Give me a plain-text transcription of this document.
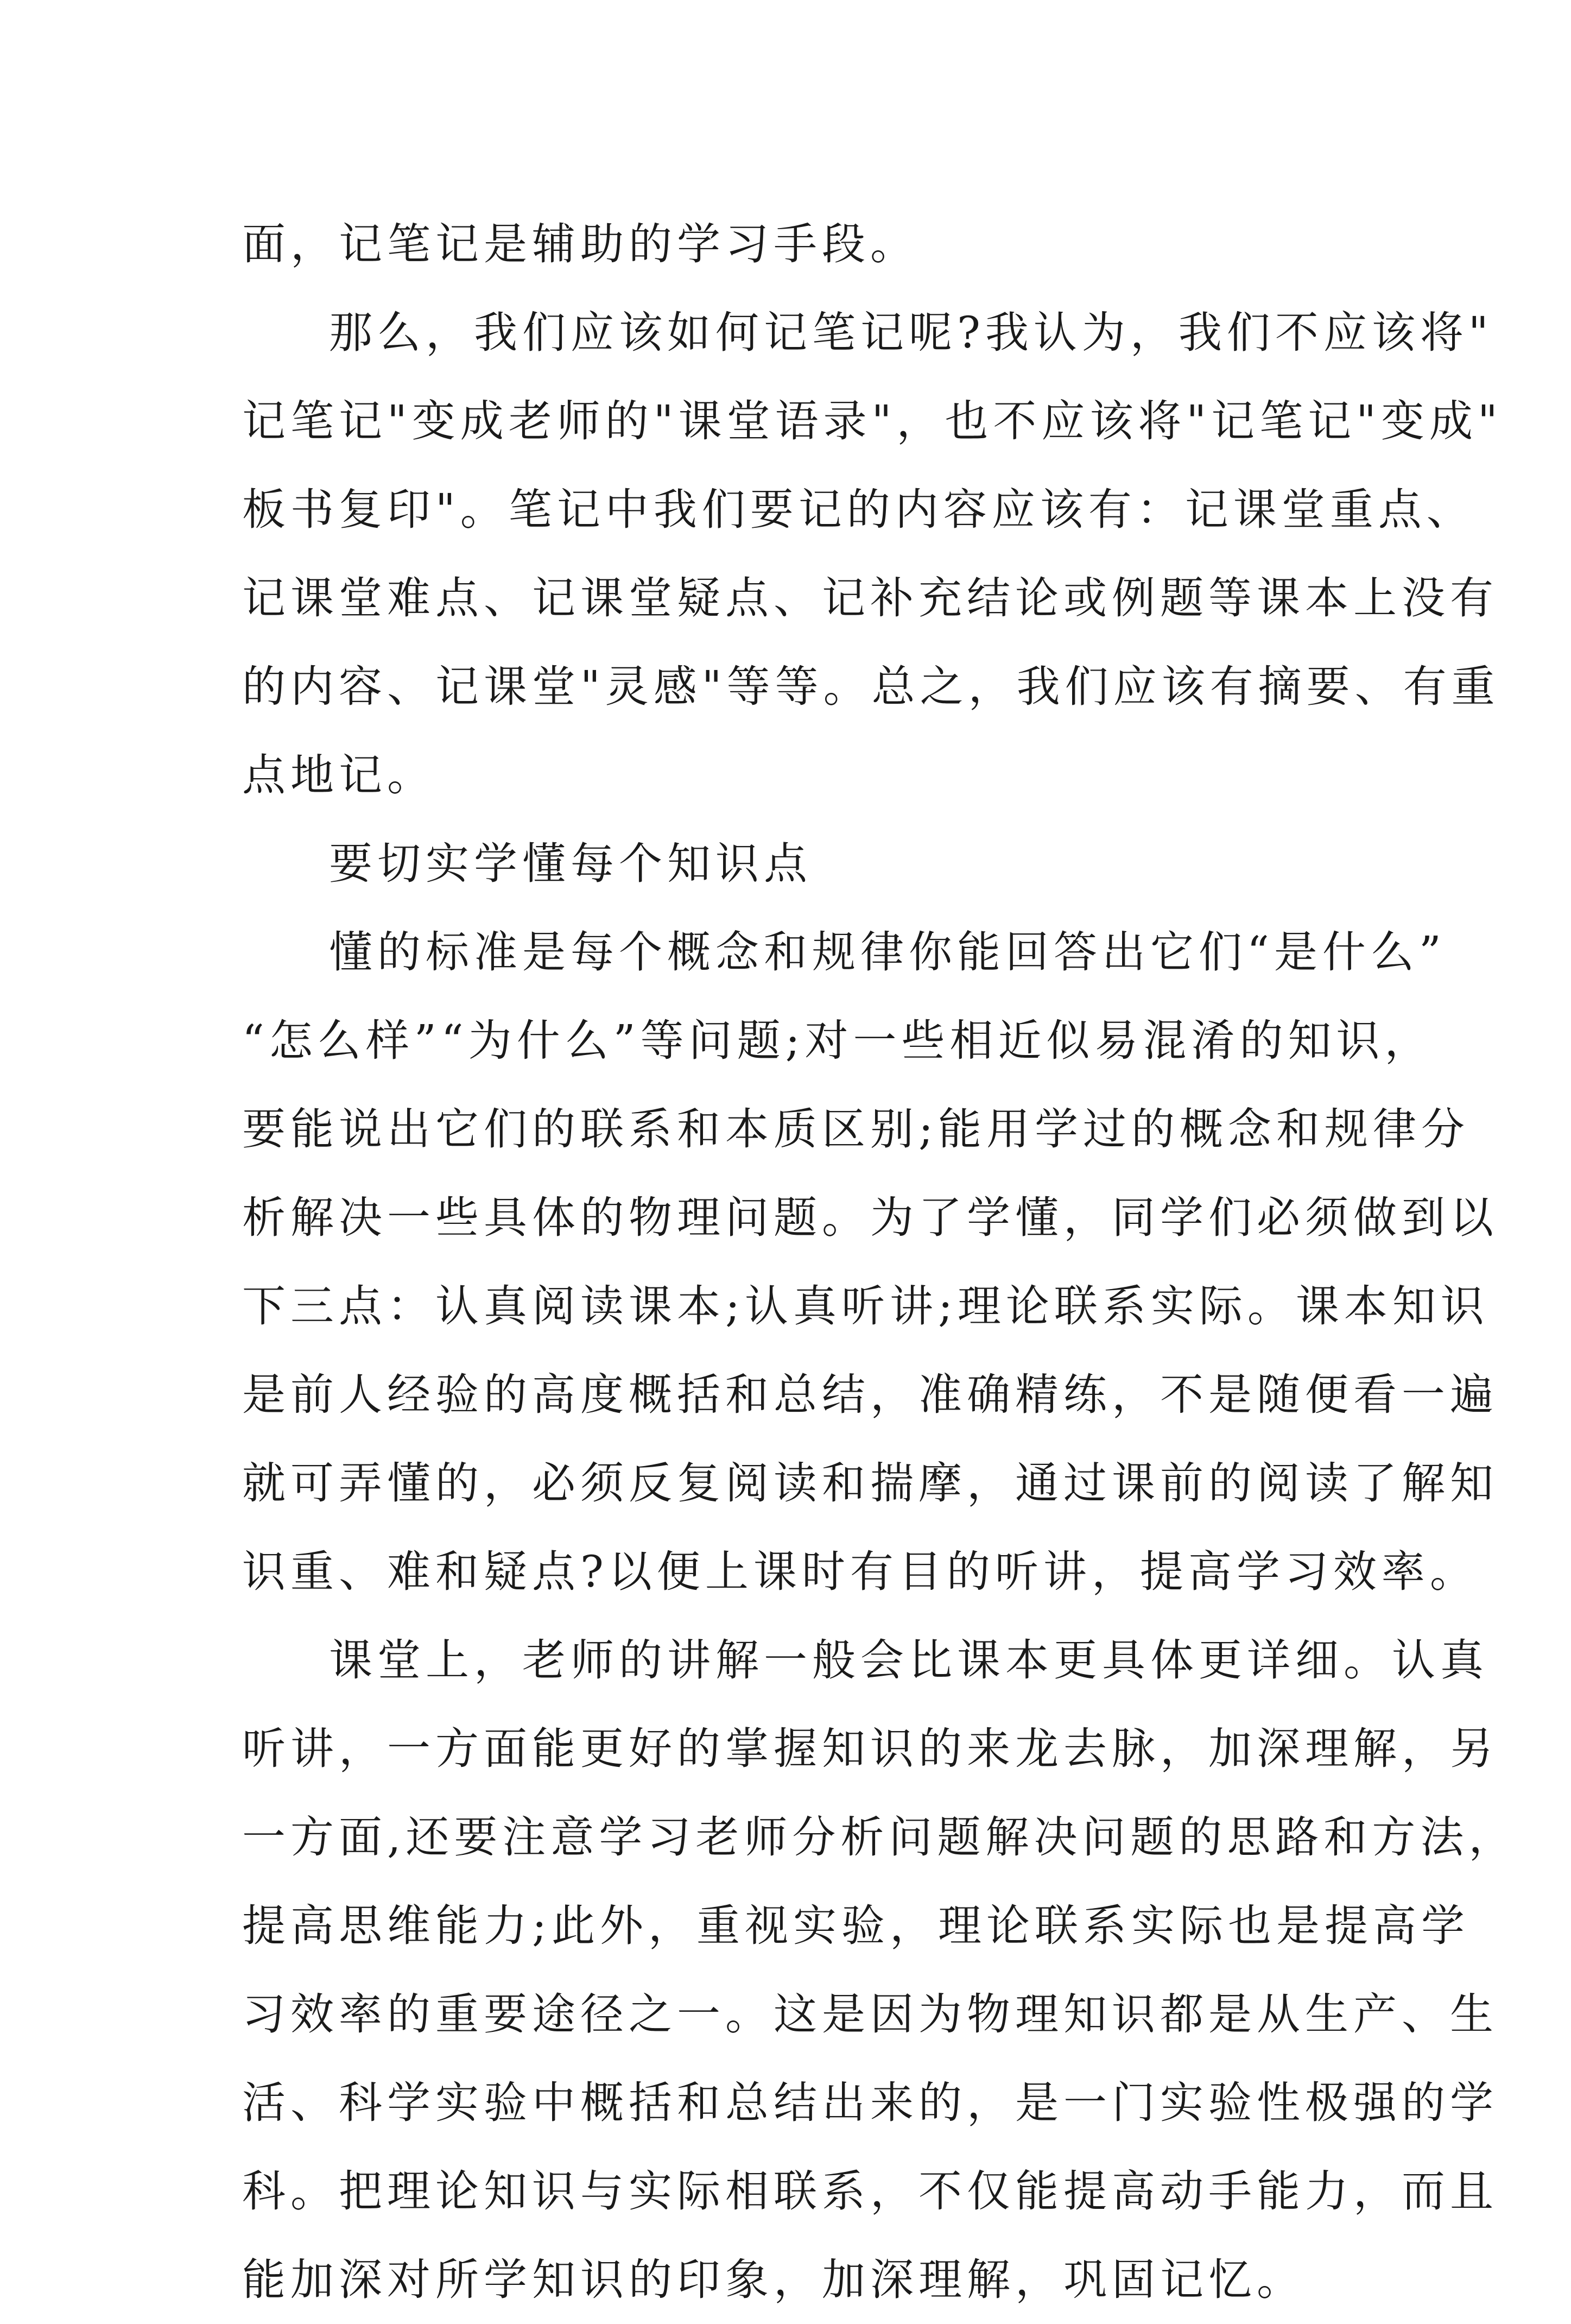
面，记笔记是辅助的学习手段。
那么，我们应该如何记笔记呢?我认为，我们不应该将"
记笔记"变成老师的"课堂语录"，也不应该将"记笔记"变成"
板书复印"。笔记中我们要记的内容应该有：记课堂重点、
记课堂难点、记课堂疑点、记补充结论或例题等课本上没有
的内容、记课堂"灵感"等等。总之，我们应该有摘要、有重
点地记。
要切实学懂每个知识点
懂的标准是每个概念和规律你能回答出它们“是什么”
“怎么样”“为什么”等问题;对一些相近似易混淆的知识，
要能说出它们的联系和本质区别;能用学过的概念和规律分
析解决一些具体的物理问题。为了学懂，同学们必须做到以
下三点：认真阅读课本;认真听讲;理论联系实际。课本知识
是前人经验的高度概括和总结，准确精练，不是随便看一遍
就可弄懂的，必须反复阅读和揣摩，通过课前的阅读了解知
识重、难和疑点?以便上课时有目的听讲，提高学习效率。
课堂上，老师的讲解一般会比课本更具体更详细。认真
听讲，一方面能更好的掌握知识的来龙去脉，加深理解，另
一方面,还要注意学习老师分析问题解决问题的思路和方法，
提高思维能力;此外，重视实验，理论联系实际也是提高学
习效率的重要途径之一。这是因为物理知识都是从生产、生
活、科学实验中概括和总结出来的，是一门实验性极强的学
科。把理论知识与实际相联系，不仅能提高动手能力，而且
能加深对所学知识的印象，加深理解，巩固记忆。
